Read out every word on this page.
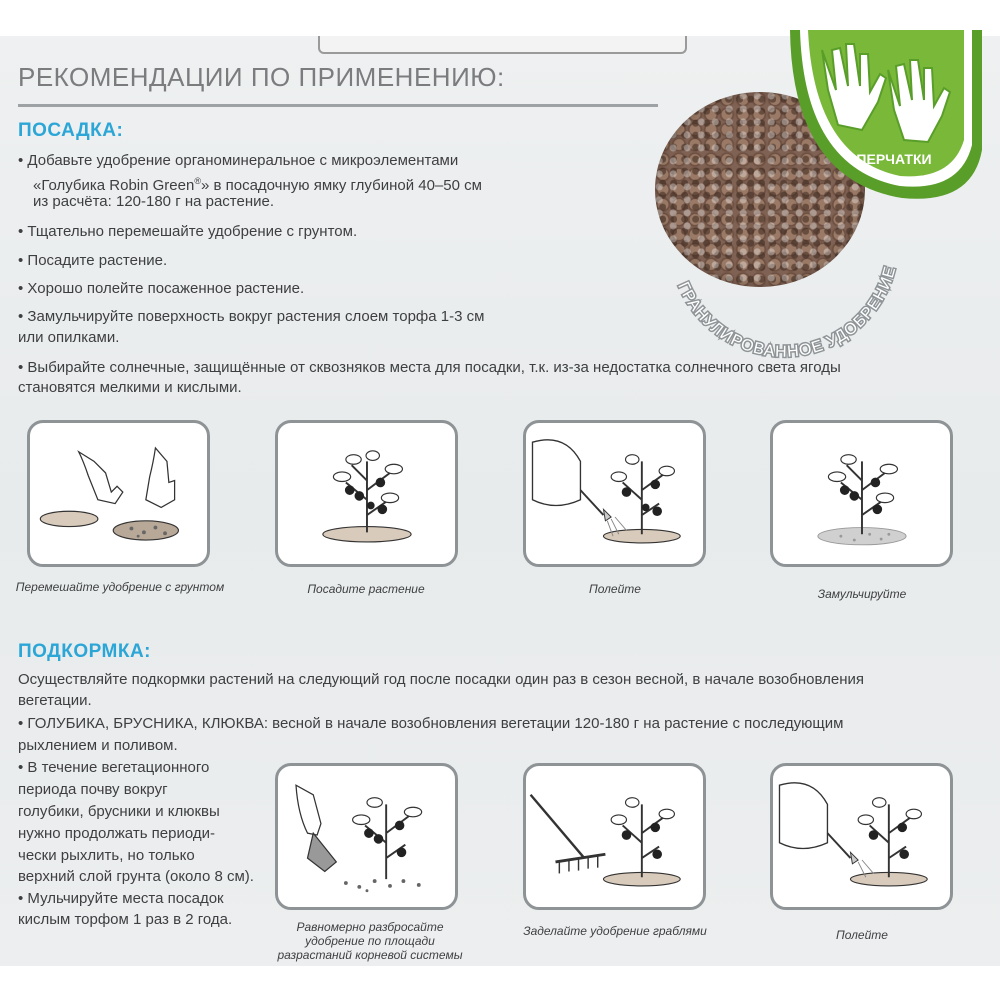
РЕКОМЕНДАЦИИ ПО ПРИМЕНЕНИЮ:
ГРАНУЛИРОВАННОЕ УДОБРЕНИЕ
ПЕРЧАТКИ
ПОСАДКА:

• Добавьте удобрение органоминеральное с микроэлементами

«Голубика Robin Green®» в посадочную ямку глубиной 40–50 см

из расчёта: 120-180 г на растение.

• Тщательно перемешайте удобрение с грунтом.

• Посадите растение.

• Хорошо полейте посаженное растение.

• Замульчируйте поверхность вокруг растения слоем торфа 1-3 см

или опилками.

• Выбирайте солнечные, защищённые от сквозняков места для посадки, т.к. из-за недостатка солнечного света ягоды

становятся мелкими и кислыми.

Перемешайте удобрение с грунтом	Посадите растение	Полейте	Замульчируйте
ПОДКОРМКА:

Осуществляйте подкормки растений на следующий год после посадки один раз в сезон весной, в начале возобновления

вегетации.

• ГОЛУБИКА, БРУСНИКА, КЛЮКВА: весной в начале возобновления вегетации 120-180 г на растение с последующим

рыхлением и поливом.

• В течение вегетационного

периода почву вокруг

голубики, брусники и клюквы

нужно продолжать периоди-

чески рыхлить, но только

верхний слой грунта (около 8 см).

• Мульчируйте места посадок

кислым торфом 1 раз в 2 года.	Равномерно разбросайте
удобрение по площади
разрастаний корневой системы
Заделайте удобрение граблями	Полейте
